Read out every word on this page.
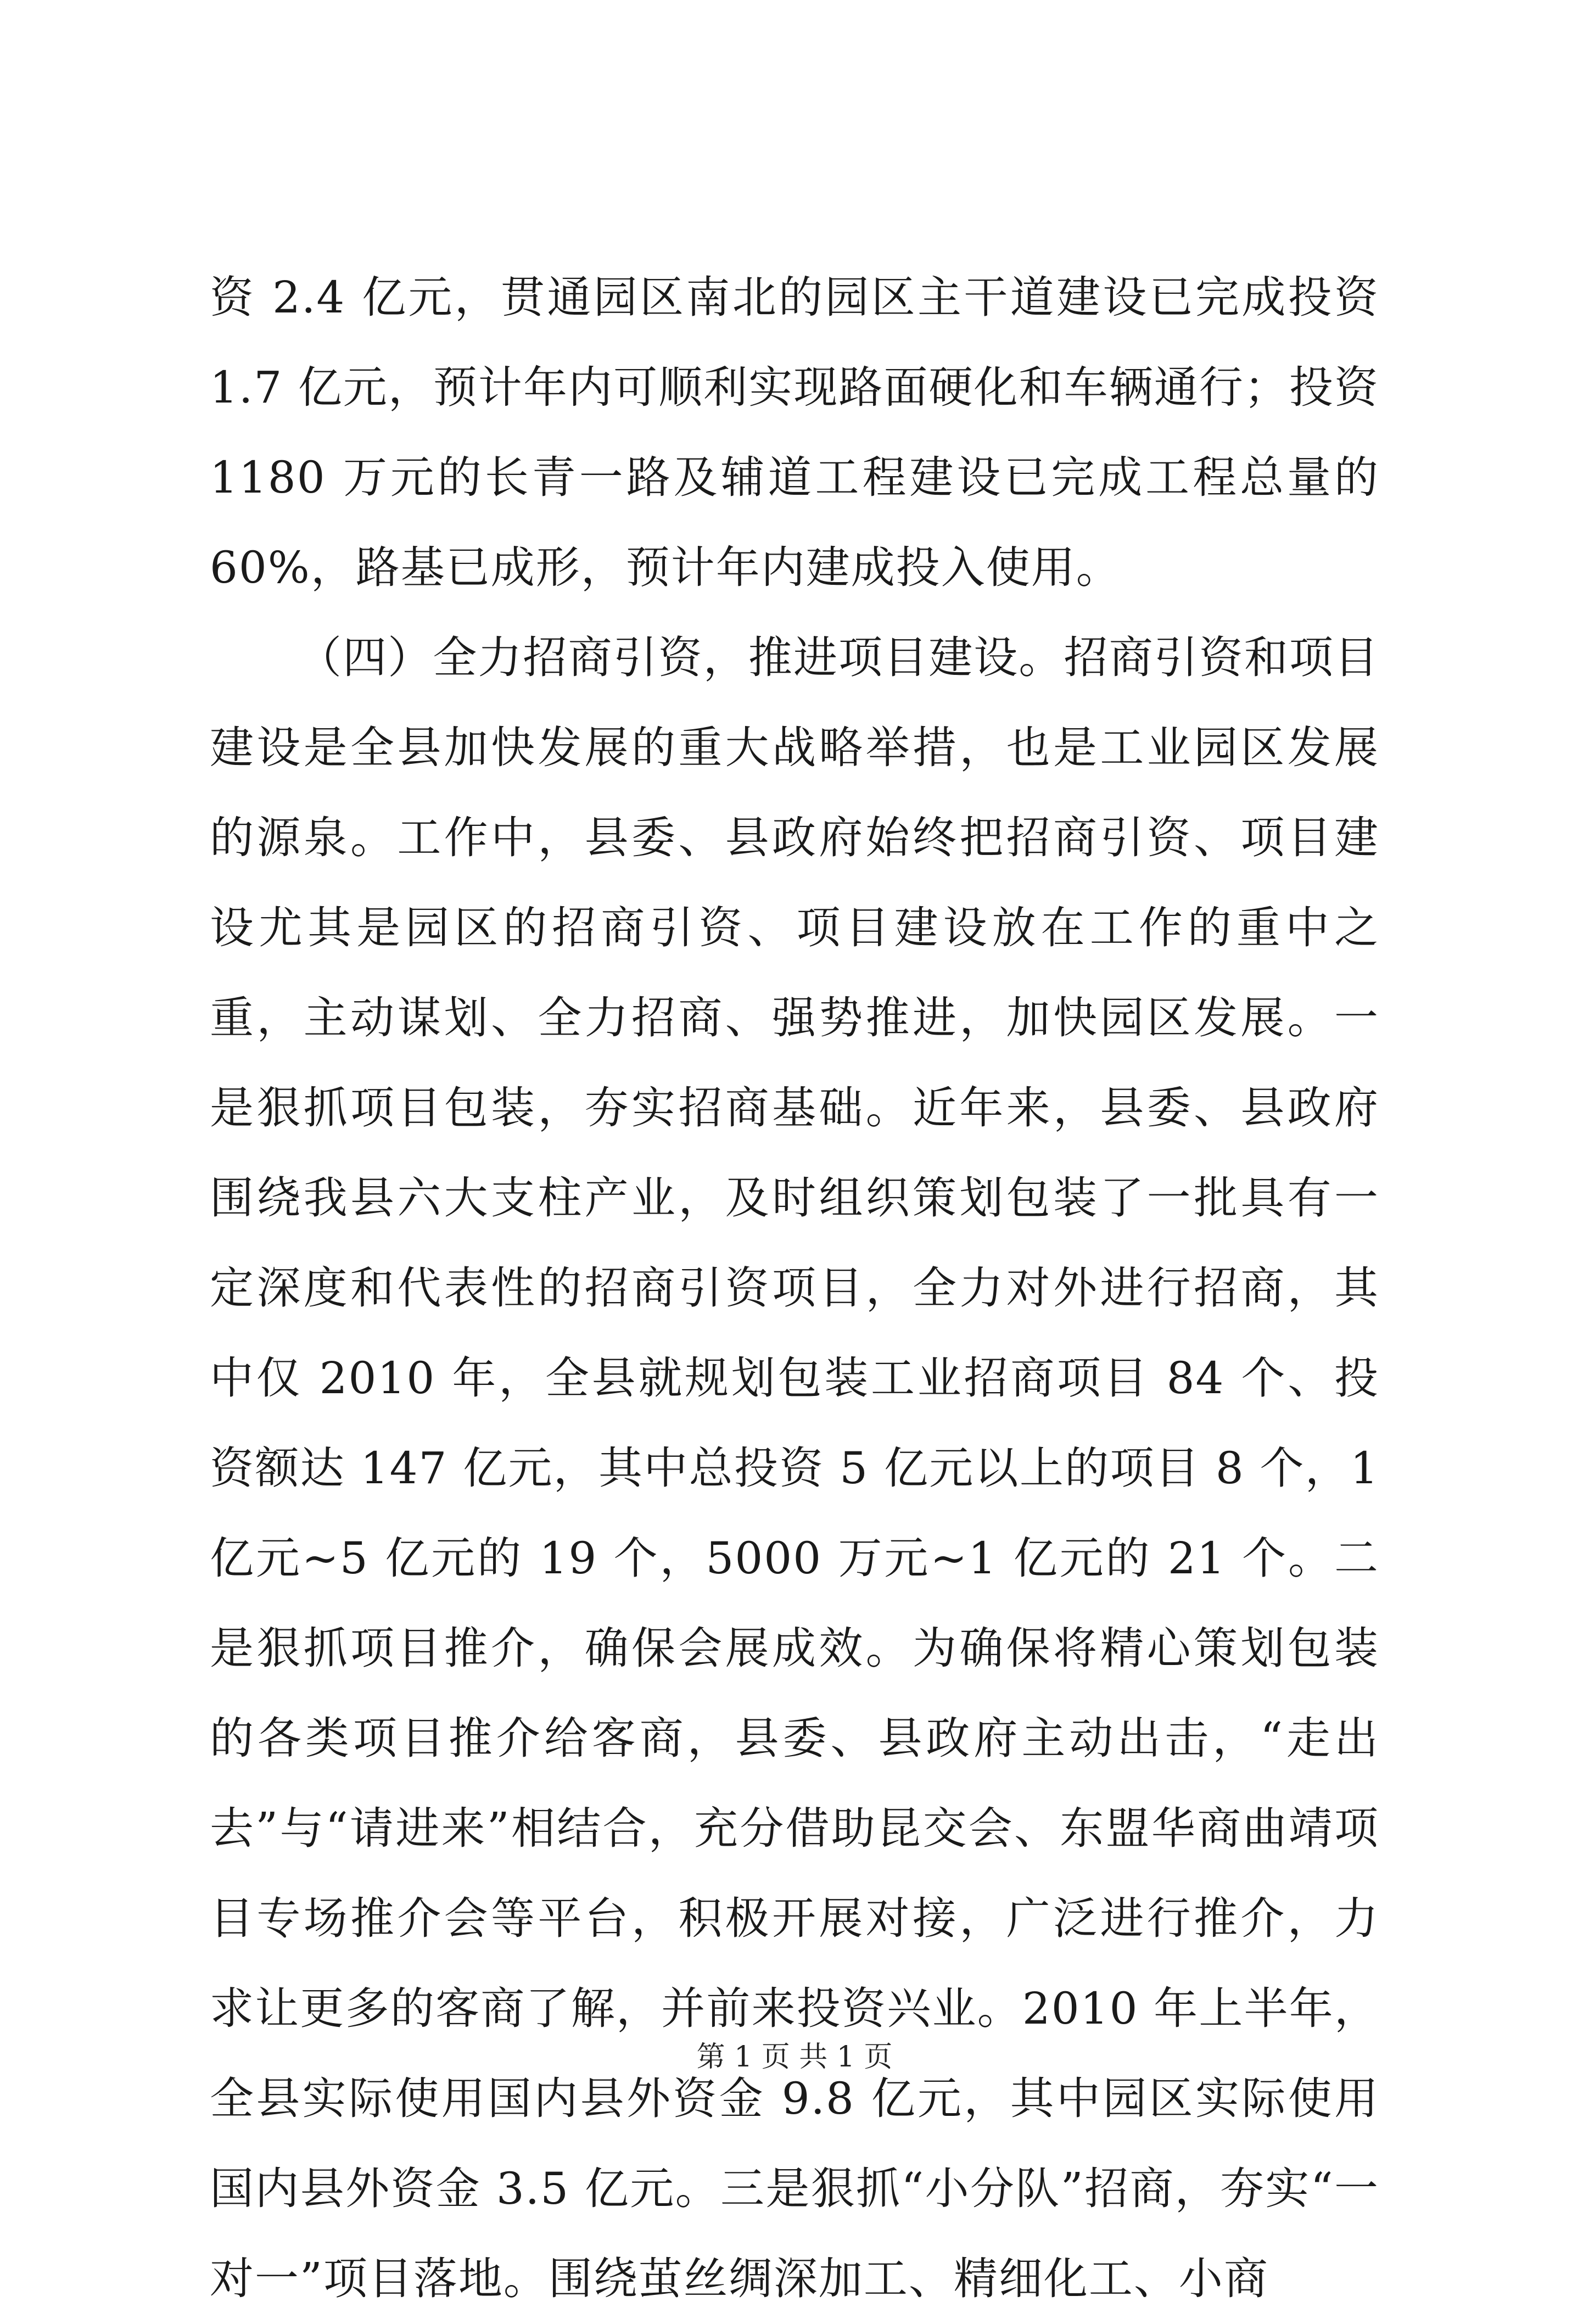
资 2.4 亿元，贯通园区南北的园区主干道建设已完成投资 1.7 亿元，预计年内可顺利实现路面硬化和车辆通行；投资 1180 万元的长青一路及辅道工程建设已完成工程总量的60%，路基已成形，预计年内建成投入使用。

（四）全力招商引资，推进项目建设。招商引资和项目建设是全县加快发展的重大战略举措，也是工业园区发展的源泉。工作中，县委、县政府始终把招商引资、项目建设尤其是园区的招商引资、项目建设放在工作的重中之重，主动谋划、全力招商、强势推进，加快园区发展。一是狠抓项目包装，夯实招商基础。近年来，县委、县政府围绕我县六大支柱产业，及时组织策划包装了一批具有一定深度和代表性的招商引资项目，全力对外进行招商，其中仅 2010 年，全县就规划包装工业招商项目 84 个、投资额达 147 亿元，其中总投资 5 亿元以上的项目 8 个，1 亿元~5 亿元的 19 个，5000 万元~1 亿元的 21 个。二是狠抓项目推介，确保会展成效。为确保将精心策划包装的各类项目推介给客商，县委、县政府主动出击，“走出去”与“请进来”相结合，充分借助昆交会、东盟华商曲靖项目专场推介会等平台，积极开展对接，广泛进行推介，力求让更多的客商了解，并前来投资兴业。2010 年上半年，全县实际使用国内县外资金 9.8 亿元，其中园区实际使用国内县外资金 3.5 亿元。三是狠抓“小分队”招商，夯实“一对一”项目落地。围绕茧丝绸深加工、精细化工、小商

第 1 页 共 1 页
